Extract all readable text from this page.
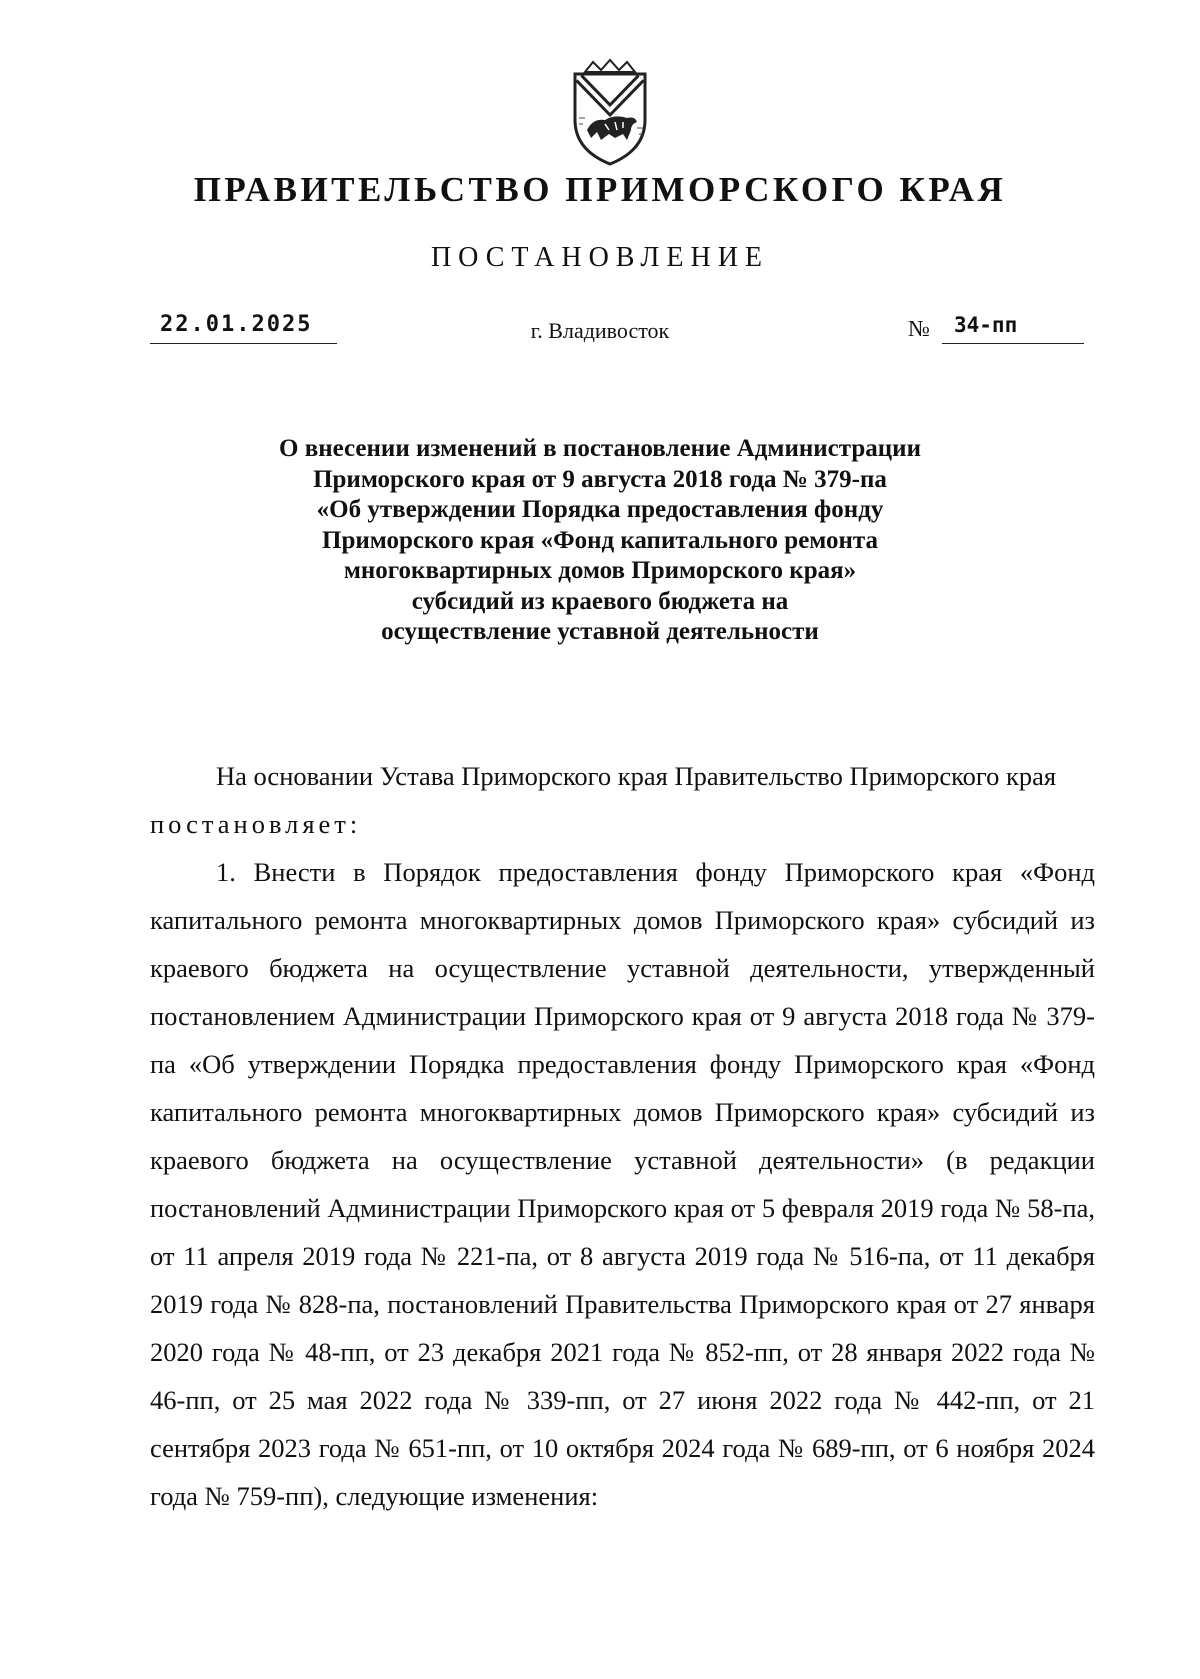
ПРАВИТЕЛЬСТВО ПРИМОРСКОГО КРАЯ
ПОСТАНОВЛЕНИЕ
22.01.2025	г. Владивосток	№ 34-пп
О внесении изменений в постановление Администрации
Приморского края от 9 августа 2018 года № 379-па
«Об утверждении Порядка предоставления фонду
Приморского края «Фонд капитального ремонта
многоквартирных домов Приморского края»
субсидий из краевого бюджета на
осуществление уставной деятельности

На основании Устава Приморского края Правительство Приморского края

постановляет:

1. Внести в Порядок предоставления фонду Приморского края «Фонд капитального ремонта многоквартирных домов Приморского края» субсидий из краевого бюджета на осуществление уставной деятельности, утвержденный постановлением Администрации Приморского края от 9 августа 2018 года № 379-па «Об утверждении Порядка предоставления фонду Приморского края «Фонд капитального ремонта многоквартирных домов Приморского края» субсидий из краевого бюджета на осуществление уставной деятельности» (в редакции постановлений Администрации Приморского края от 5 февраля 2019 года № 58-па, от 11 апреля 2019 года № 221-па, от 8 августа 2019 года № 516-па, от 11 декабря 2019 года № 828-па, постановлений Правительства Приморского края от 27 января 2020 года № 48-пп, от 23 декабря 2021 года № 852-пп, от 28 января 2022 года № 46-пп, от 25 мая 2022 года № 339-пп, от 27 июня 2022 года № 442-пп, от 21 сентября 2023 года № 651-пп, от 10 октября 2024 года № 689-пп, от 6 ноября 2024 года № 759-пп), следующие изменения:
